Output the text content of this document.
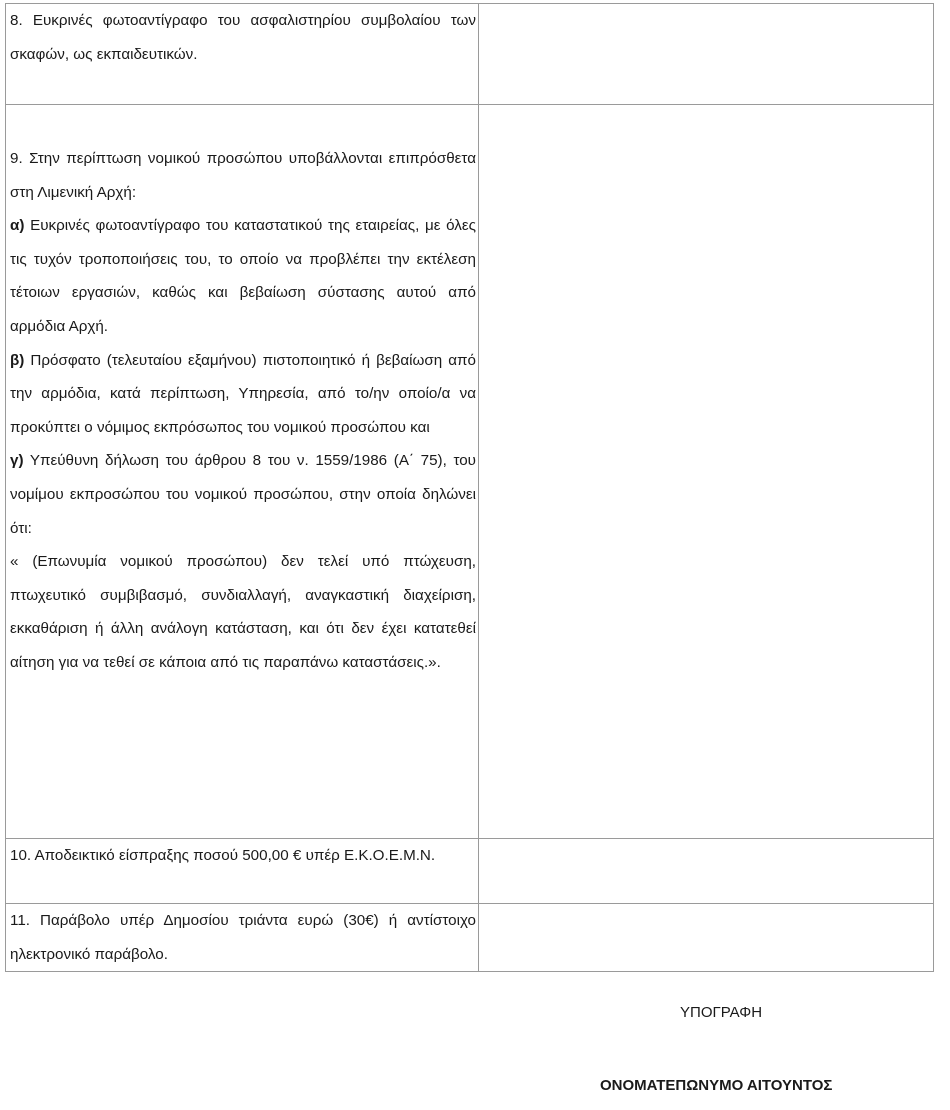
8. Ευκρινές φωτοαντίγραφο του ασφαλιστηρίου συμβολαίου των σκαφών, ως εκπαιδευτικών.	

9. Στην περίπτωση νομικού προσώπου υποβάλλονται επιπρόσθετα στη Λιμενική Αρχή:

α) Ευκρινές φωτοαντίγραφο του καταστατικού της εταιρείας, με όλες τις τυχόν τροποποιήσεις του, το οποίο να προβλέπει την εκτέλεση τέτοιων εργασιών, καθώς και βεβαίωση σύστασης αυτού από αρμόδια Αρχή.

β) Πρόσφατο (τελευταίου εξαμήνου) πιστοποιητικό ή βεβαίωση από την αρμόδια, κατά περίπτωση, Υπηρεσία, από το/ην οποίο/α να προκύπτει ο νόμιμος εκπρόσωπος του νομικού προσώπου και

γ) Υπεύθυνη δήλωση του άρθρου 8 του ν. 1559/1986 (Α΄ 75), του νομίμου εκπροσώπου του νομικού προσώπου, στην οποία δηλώνει ότι:

« (Επωνυμία νομικού προσώπου) δεν τελεί υπό πτώχευση, πτωχευτικό συμβιβασμό, συνδιαλλαγή, αναγκαστική διαχείριση, εκκαθάριση ή άλλη ανάλογη κατάσταση, και ότι δεν έχει κατατεθεί αίτηση για να τεθεί σε κάποια από τις παραπάνω καταστάσεις.».	

10. Αποδεικτικό είσπραξης ποσού 500,00 € υπέρ Ε.Κ.Ο.Ε.Μ.Ν.	

11. Παράβολο υπέρ Δημοσίου τριάντα ευρώ (30€) ή αντίστοιχο ηλεκτρονικό παράβολο.	

ΥΠΟΓΡΑΦΗ
ΟΝΟΜΑΤΕΠΩΝΥΜΟ ΑΙΤΟΥΝΤΟΣ
